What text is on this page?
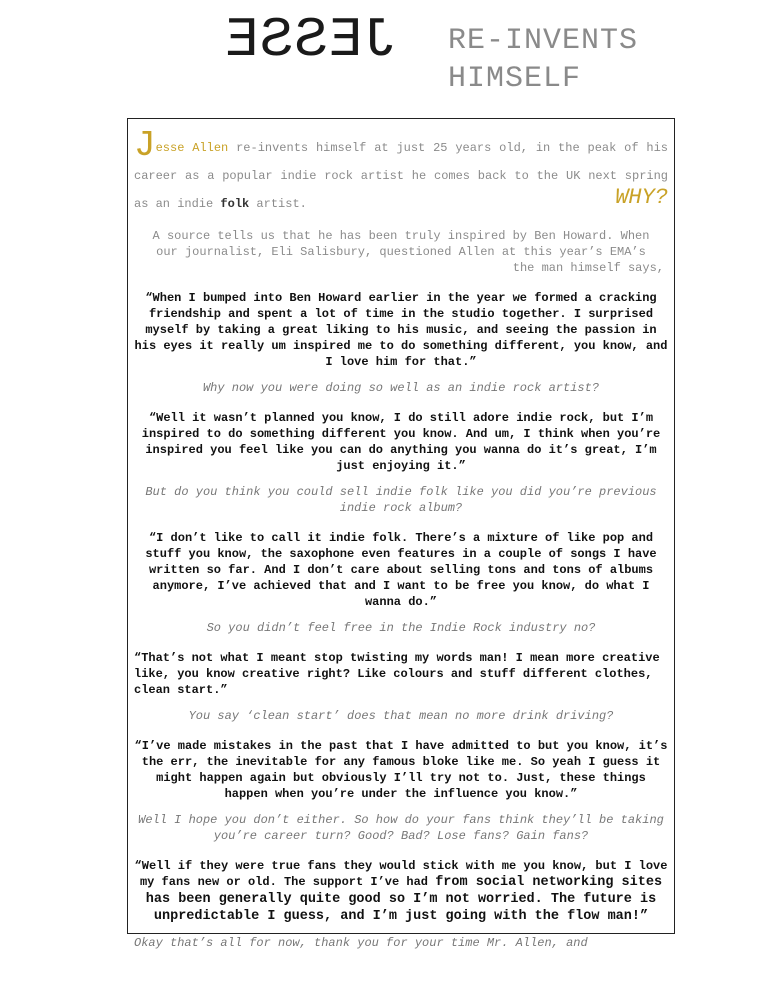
JESSE RE-INVENTS
HIMSELF
Jesse Allen re-invents himself at just 25 years old, in the peak of his career as a popular indie rock artist he comes back to the UK next spring as an indie folk artist.	WHY?
A source tells us that he has been truly inspired by Ben Howard. When
our journalist, Eli Salisbury, questioned Allen at this year’s EMA’s
the man himself says,
“When I bumped into Ben Howard earlier in the year we formed a cracking friendship and spent a lot of time in the studio together. I surprised myself by taking a great liking to his music, and seeing the passion in his eyes it really um inspired me to do something different, you know, and I love him for that.”
Why now you were doing so well as an indie rock artist?
“Well it wasn’t planned you know, I do still adore indie rock, but I’m inspired to do something different you know. And um, I think when you’re inspired you feel like you can do anything you wanna do it’s great, I’m just enjoying it.”
But do you think you could sell indie folk like you did you’re previous indie rock album?
“I don’t like to call it indie folk. There’s a mixture of like pop and stuff you know, the saxophone even features in a couple of songs I have written so far. And I don’t care about selling tons and tons of albums anymore, I’ve achieved that and I want to be free you know, do what I wanna do.”
So you didn’t feel free in the Indie Rock industry no?
“That’s not what I meant stop twisting my words man! I mean more creative like, you know creative right? Like colours and stuff different clothes, clean start.”
You say ‘clean start’ does that mean no more drink driving?
“I’ve made mistakes in the past that I have admitted to but you know, it’s the err, the inevitable for any famous bloke like me. So yeah I guess it might happen again but obviously I’ll try not to. Just, these things happen when you’re under the influence you know.”
Well I hope you don’t either. So how do your fans think they’ll be taking you’re career turn? Good? Bad? Lose fans? Gain fans?
“Well if they were true fans they would stick with me you know, but I love my fans new or old. The support I’ve had from social networking sites has been generally quite good so I’m not worried. The future is unpredictable I guess, and I’m just going with the flow man!”
Okay that’s all for now, thank you for your time Mr. Allen, and
